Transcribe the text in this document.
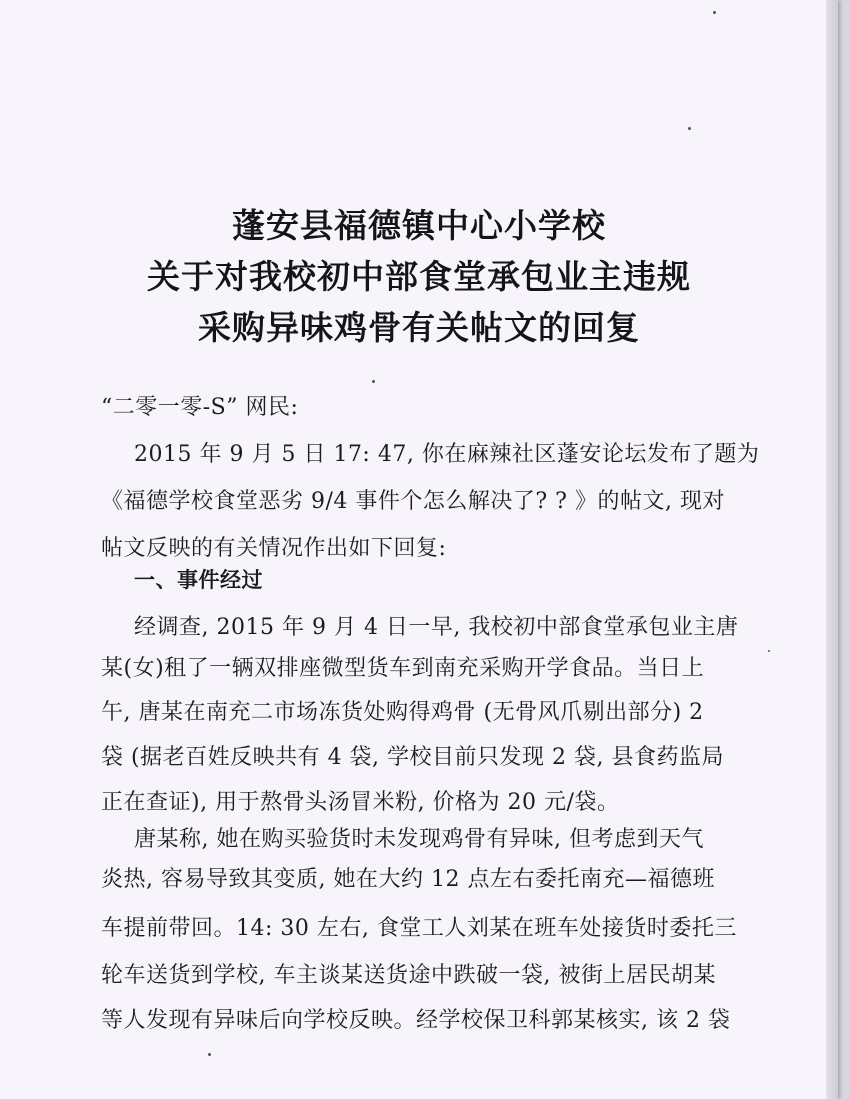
蓬安县福德镇中心小学校
关于对我校初中部食堂承包业主违规
采购异味鸡骨有关帖文的回复
“二零一零-S” 网民:
2015 年 9 月 5 日 17: 47, 你在麻辣社区蓬安论坛发布了题为
《福德学校食堂恶劣 9/4 事件个怎么解决了? ? 》的帖文, 现对
帖文反映的有关情况作出如下回复:
一、事件经过
经调查, 2015 年 9 月 4 日一早, 我校初中部食堂承包业主唐
某(女)租了一辆双排座微型货车到南充采购开学食品。当日上
午, 唐某在南充二市场冻货处购得鸡骨 (无骨风爪剔出部分) 2
袋 (据老百姓反映共有 4 袋, 学校目前只发现 2 袋, 县食药监局
正在查证), 用于熬骨头汤冒米粉, 价格为 20 元/袋。
唐某称, 她在购买验货时未发现鸡骨有异味, 但考虑到天气
炎热, 容易导致其变质, 她在大约 12 点左右委托南充—福德班
车提前带回。14: 30 左右, 食堂工人刘某在班车处接货时委托三
轮车送货到学校, 车主谈某送货途中跌破一袋, 被街上居民胡某
等人发现有异味后向学校反映。经学校保卫科郭某核实, 该 2 袋
